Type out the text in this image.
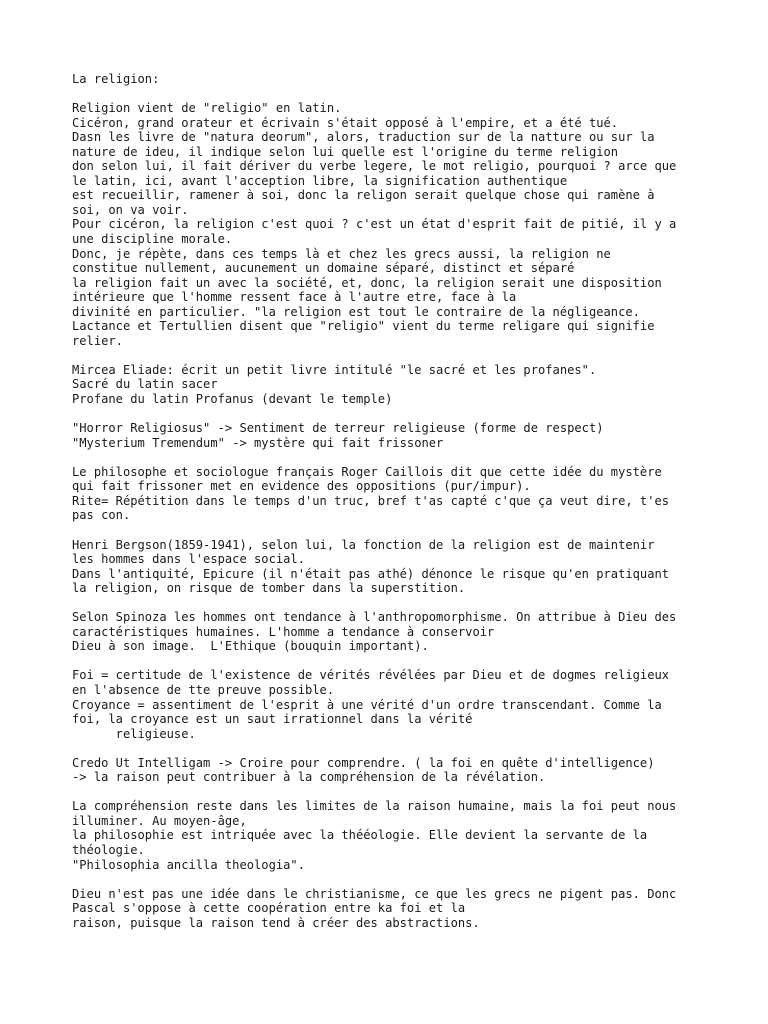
La religion:
Religion vient de "religio" en latin.
Cicéron, grand orateur et écrivain s'était opposé à l'empire, et a été tué.
Dasn les livre de "natura deorum", alors, traduction sur de la natture ou sur la
nature de ideu, il indique selon lui quelle est l'origine du terme religion
don selon lui, il fait dériver du verbe legere, le mot religio, pourquoi ? arce que
le latin, ici, avant l'acception libre, la signification authentique
est recueillir, ramener à soi, donc la religon serait quelque chose qui ramène à
soi, on va voir.
Pour cicéron, la religion c'est quoi ? c'est un état d'esprit fait de pitié, il y a
une discipline morale.
Donc, je répète, dans ces temps là et chez les grecs aussi, la religion ne
constitue nullement, aucunement un domaine séparé, distinct et séparé
la religion fait un avec la société, et, donc, la religion serait une disposition
intérieure que l'homme ressent face à l'autre etre, face à la
divinité en particulier. "la religion est tout le contraire de la négligeance.
Lactance et Tertullien disent que "religio" vient du terme religare qui signifie
relier.
Mircea Eliade: écrit un petit livre intitulé "le sacré et les profanes".
Sacré du latin sacer
Profane du latin Profanus (devant le temple)
"Horror Religiosus" -> Sentiment de terreur religieuse (forme de respect)
"Mysterium Tremendum" -> mystère qui fait frissoner
Le philosophe et sociologue français Roger Caillois dit que cette idée du mystère
qui fait frissoner met en evidence des oppositions (pur/impur).
Rite= Répétition dans le temps d'un truc, bref t'as capté c'que ça veut dire, t'es
pas con.
Henri Bergson(1859-1941), selon lui, la fonction de la religion est de maintenir
les hommes dans l'espace social.
Dans l'antiquité, Epicure (il n'était pas athé) dénonce le risque qu'en pratiquant
la religion, on risque de tomber dans la superstition.
Selon Spinoza les hommes ont tendance à l'anthropomorphisme. On attribue à Dieu des
caractéristiques humaines. L'homme a tendance à conservoir
Dieu à son image.  L'Ethique (bouquin important).
Foi = certitude de l'existence de vérités révélées par Dieu et de dogmes religieux
en l'absence de tte preuve possible.
Croyance = assentiment de l'esprit à une vérité d'un ordre transcendant. Comme la
foi, la croyance est un saut irrationnel dans la vérité
religieuse.
Credo Ut Intelligam -> Croire pour comprendre. ( la foi en quête d'intelligence)
-> la raison peut contribuer à la compréhension de la révélation.
La compréhension reste dans les limites de la raison humaine, mais la foi peut nous
illuminer. Au moyen-âge,
la philosophie est intriquée avec la thééologie. Elle devient la servante de la
théologie.
"Philosophia ancilla theologia".
Dieu n'est pas une idée dans le christianisme, ce que les grecs ne pigent pas. Donc
Pascal s'oppose à cette coopération entre ka foi et la
raison, puisque la raison tend à créer des abstractions.
